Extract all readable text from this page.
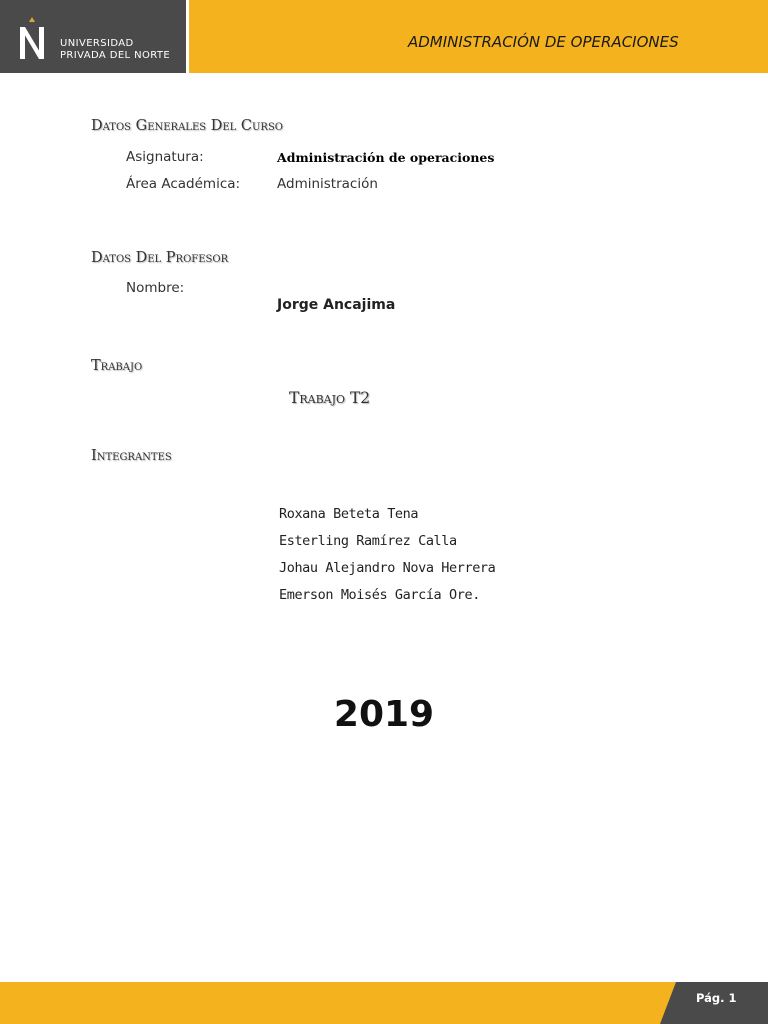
UNIVERSIDAD
PRIVADA DEL NORTE
ADMINISTRACIÓN DE OPERACIONES
Datos Generales Del Curso
Asignatura:	Administración de operaciones
Área Académica:	Administración
Datos Del Profesor
Nombre:
Jorge Ancajima
Trabajo
Trabajo T2
Integrantes
Roxana Beteta Tena
Esterling Ramírez Calla
Johau Alejandro Nova Herrera
Emerson Moisés García Ore.
2019
Pág. 1
